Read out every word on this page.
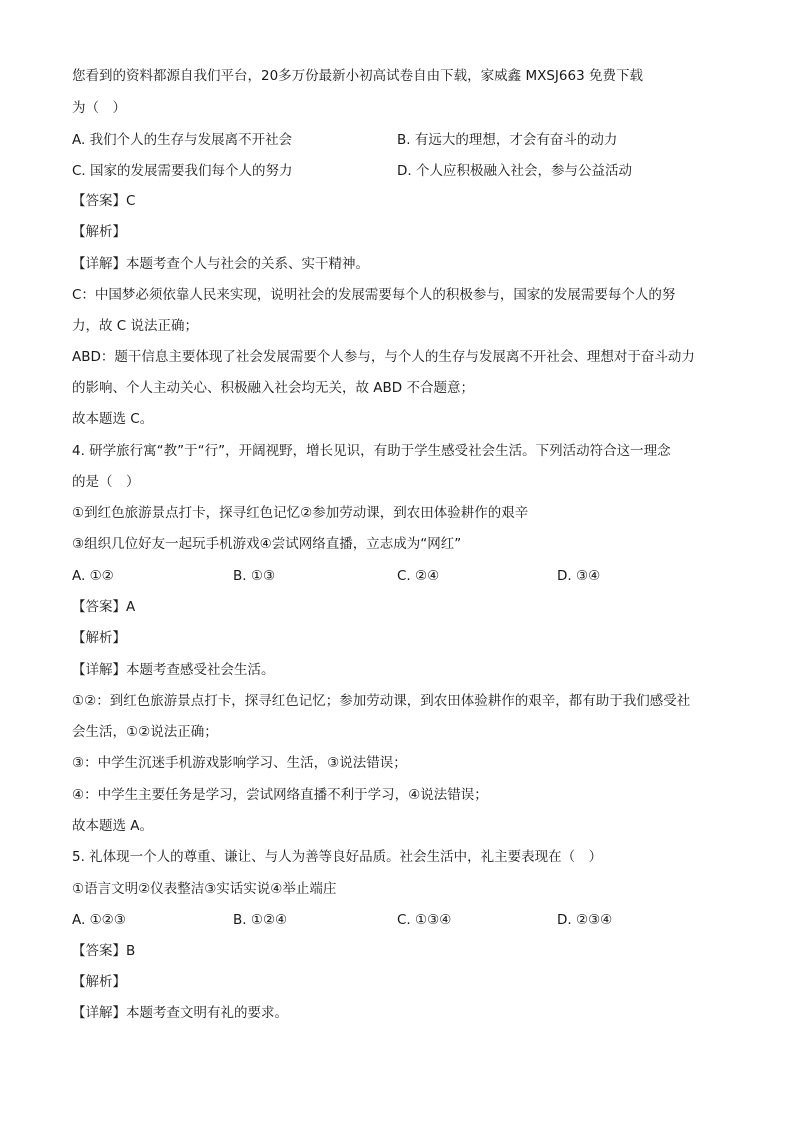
您看到的资料都源自我们平台，20多万份最新小初高试卷自由下载，家威鑫 MXSJ663 免费下载
为（　）
A. 我们个人的生存与发展离不开社会	B. 有远大的理想，才会有奋斗的动力
C. 国家的发展需要我们每个人的努力	D. 个人应积极融入社会，参与公益活动
【答案】C
【解析】
【详解】本题考查个人与社会的关系、实干精神。
C：中国梦必须依靠人民来实现，说明社会的发展需要每个人的积极参与，国家的发展需要每个人的努
力，故 C 说法正确；
ABD：题干信息主要体现了社会发展需要个人参与，与个人的生存与发展离不开社会、理想对于奋斗动力
的影响、个人主动关心、积极融入社会均无关，故 ABD 不合题意；
故本题选 C。
4. 研学旅行寓“教”于“行”，开阔视野，增长见识，有助于学生感受社会生活。下列活动符合这一理念
的是（　）
①到红色旅游景点打卡，探寻红色记忆②参加劳动课，到农田体验耕作的艰辛
③组织几位好友一起玩手机游戏④尝试网络直播，立志成为“网红”
A. ①②	B. ①③	C. ②④	D. ③④
【答案】A
【解析】
【详解】本题考查感受社会生活。
①②：到红色旅游景点打卡，探寻红色记忆；参加劳动课，到农田体验耕作的艰辛，都有助于我们感受社
会生活，①②说法正确；
③：中学生沉迷手机游戏影响学习、生活，③说法错误；
④：中学生主要任务是学习，尝试网络直播不利于学习，④说法错误；
故本题选 A。
5. 礼体现一个人的尊重、谦让、与人为善等良好品质。社会生活中，礼主要表现在（　）
①语言文明②仪表整洁③实话实说④举止端庄
A. ①②③	B. ①②④	C. ①③④	D. ②③④
【答案】B
【解析】
【详解】本题考查文明有礼的要求。
